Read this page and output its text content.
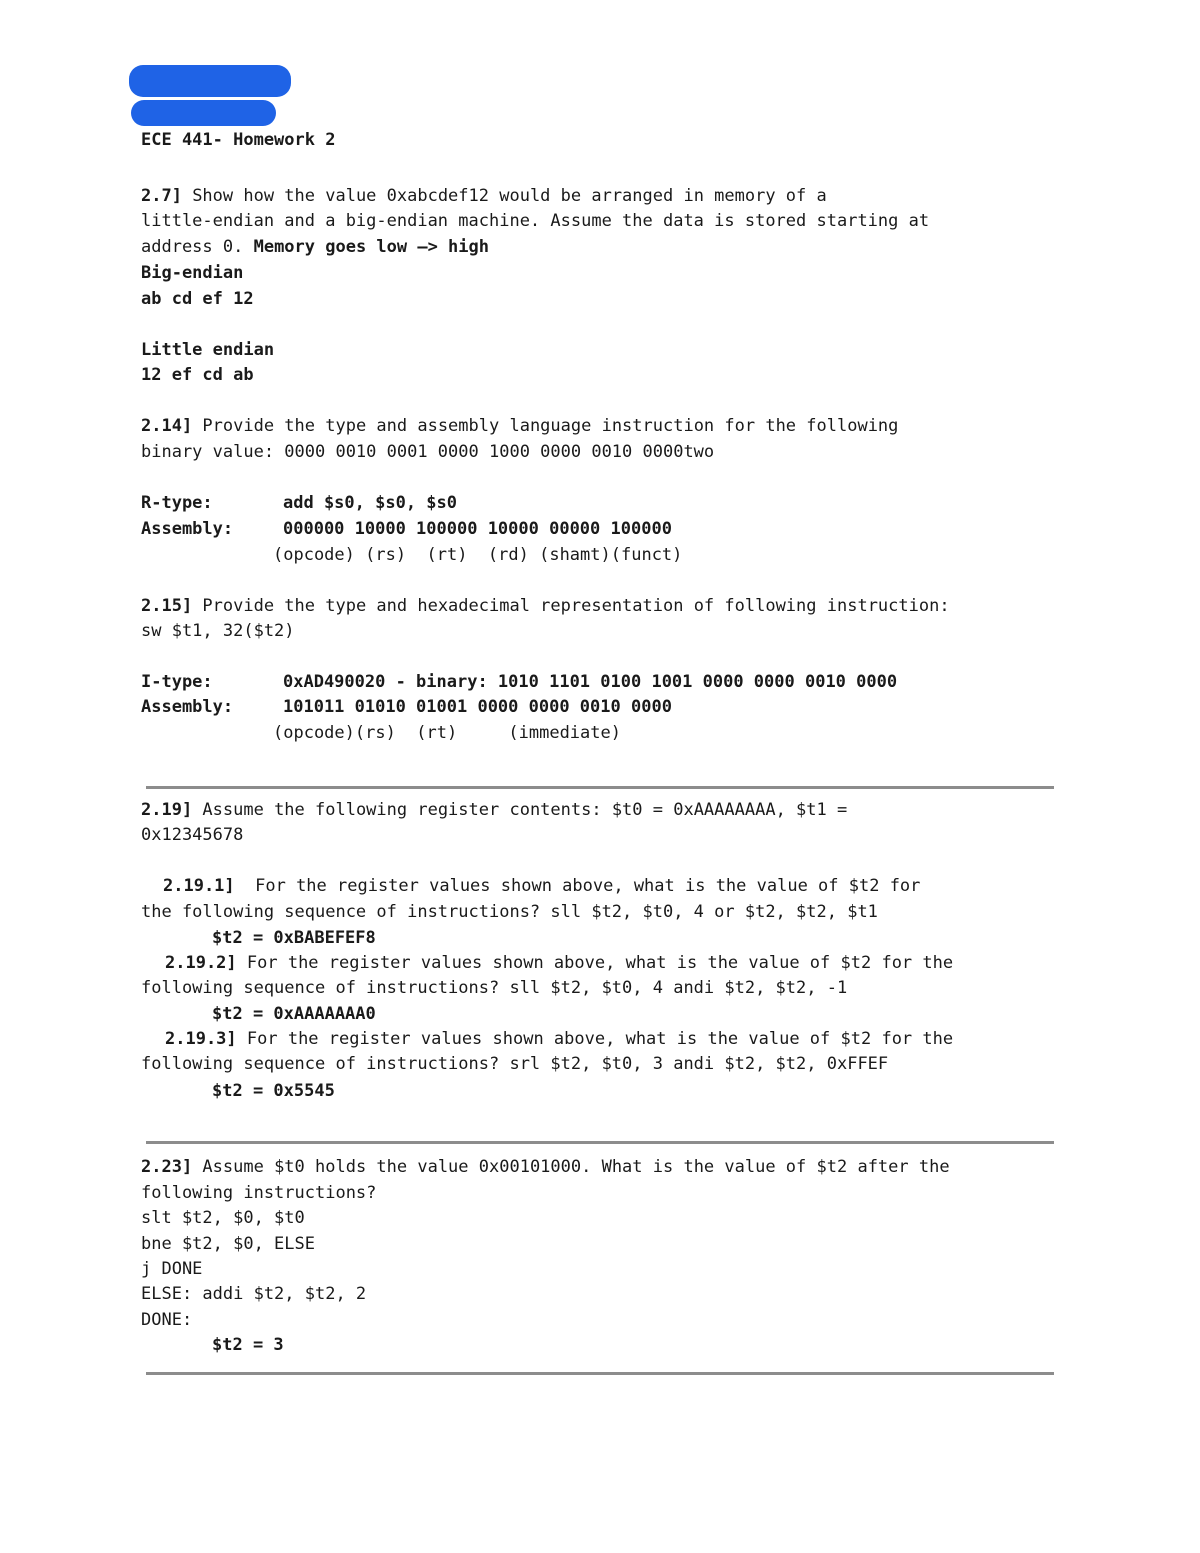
ECE 441- Homework 2
2.7] Show how the value 0xabcdef12 would be arranged in memory of a
little-endian and a big-endian machine. Assume the data is stored starting at
address 0. Memory goes low –> high
Big-endian
ab cd ef 12
Little endian
12 ef cd ab
2.14] Provide the type and assembly language instruction for the following
binary value: 0000 0010 0001 0000 1000 0000 0010 0000two
R-type:	add $s0, $s0, $s0
Assembly:	000000 10000 100000 10000 00000 100000
(opcode) (rs)  (rt)  (rd) (shamt)(funct)
2.15] Provide the type and hexadecimal representation of following instruction:
sw $t1, 32($t2)
I-type:	0xAD490020 - binary: 1010 1101 0100 1001 0000 0000 0010 0000
Assembly:	101011 01010 01001 0000 0000 0010 0000
(opcode)(rs)  (rt)     (immediate)
2.19] Assume the following register contents: $t0 = 0xAAAAAAAA, $t1 =
0x12345678
2.19.1]  For the register values shown above, what is the value of $t2 for
the following sequence of instructions? sll $t2, $t0, 4 or $t2, $t2, $t1
$t2 = 0xBABEFEF8
2.19.2] For the register values shown above, what is the value of $t2 for the
following sequence of instructions? sll $t2, $t0, 4 andi $t2, $t2, -1
$t2 = 0xAAAAAAA0
2.19.3] For the register values shown above, what is the value of $t2 for the
following sequence of instructions? srl $t2, $t0, 3 andi $t2, $t2, 0xFFEF
$t2 = 0x5545
2.23] Assume $t0 holds the value 0x00101000. What is the value of $t2 after the
following instructions?
slt $t2, $0, $t0
bne $t2, $0, ELSE
j DONE
ELSE: addi $t2, $t2, 2
DONE:
$t2 = 3
